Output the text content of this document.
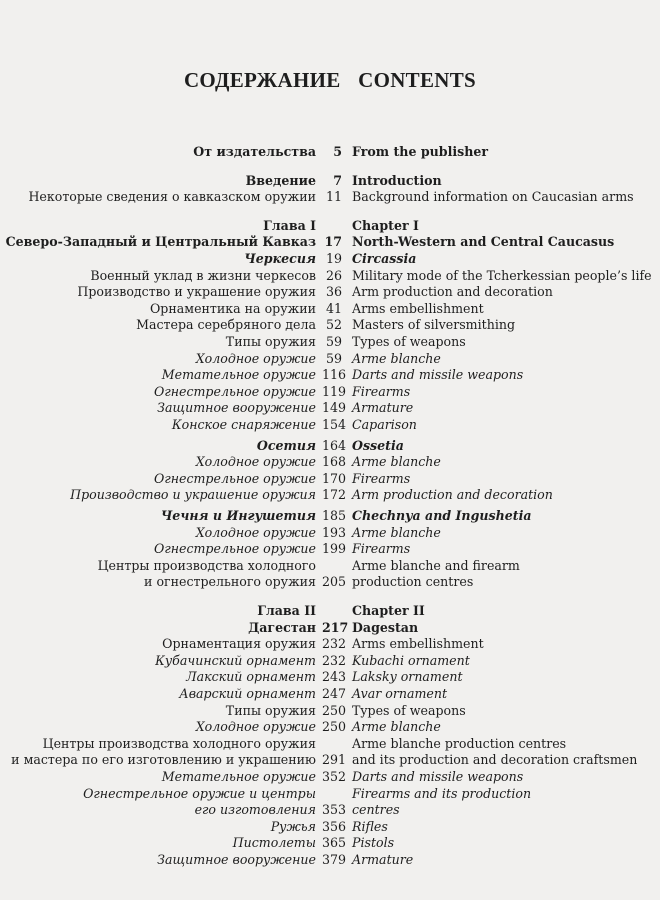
СОДЕРЖАНИЕ CONTENTS
От издательства	5 From the publisher
Введение	7 Introduction
Некоторые сведения о кавказском оружии 11 Background information on Caucasian arms
Глава I
Северо-Западный и Центральный Кавказ 17
Chapter I
North-Western and Central Caucasus
Черкесия 19 Circassia
Военный уклад в жизни черкесов 26 Military mode of the Tcherkessian people’s life
Производство и украшение оружия 36 Arm production and decoration
Орнаментика на оружии 41 Arms embellishment
Мастера серебряного дела 52 Masters of silversmithing
Типы оружия 59 Types of weapons
Холодное оружие 59 Arme blanche
Метательное оружие 116 Darts and missile weapons
Огнестрельное оружие 119 Firearms
Защитное вооружение 149 Armature
Конское снаряжение 154 Caparison
Осетия 164 Ossetia
Холодное оружие 168 Arme blanche
Огнестрельное оружие 170 Firearms
Производство и украшение оружия 172 Arm production and decoration
Чечня и Ингушетия 185 Chechnya and Ingushetia
Холодное оружие 193 Arme blanche
Огнестрельное оружие 199 Firearms
Центры производства холодного
и огнестрельного оружия 205
Arme blanche and firearm
production centres
Глава II
Дагестан 217
Chapter II
Dagestan
Орнаментация оружия 232 Arms embellishment
Кубачинский орнамент 232 Kubachi ornament
Лакский орнамент 243 Laksky ornament
Аварский орнамент 247 Avar ornament
Типы оружия 250 Types of weapons
Холодное оружие 250 Arme blanche
Центры производства холодного оружия
и мастера по его изготовлению и украшению 291
Arme blanche production centres
and its production and decoration craftsmen
Метательное оружие 352 Darts and missile weapons
Огнестрельное оружие и центры
его изготовления 353
Firearms and its production
centres
Ружья 356 Rifles
Пистолеты 365 Pistols
Защитное вооружение 379 Armature
